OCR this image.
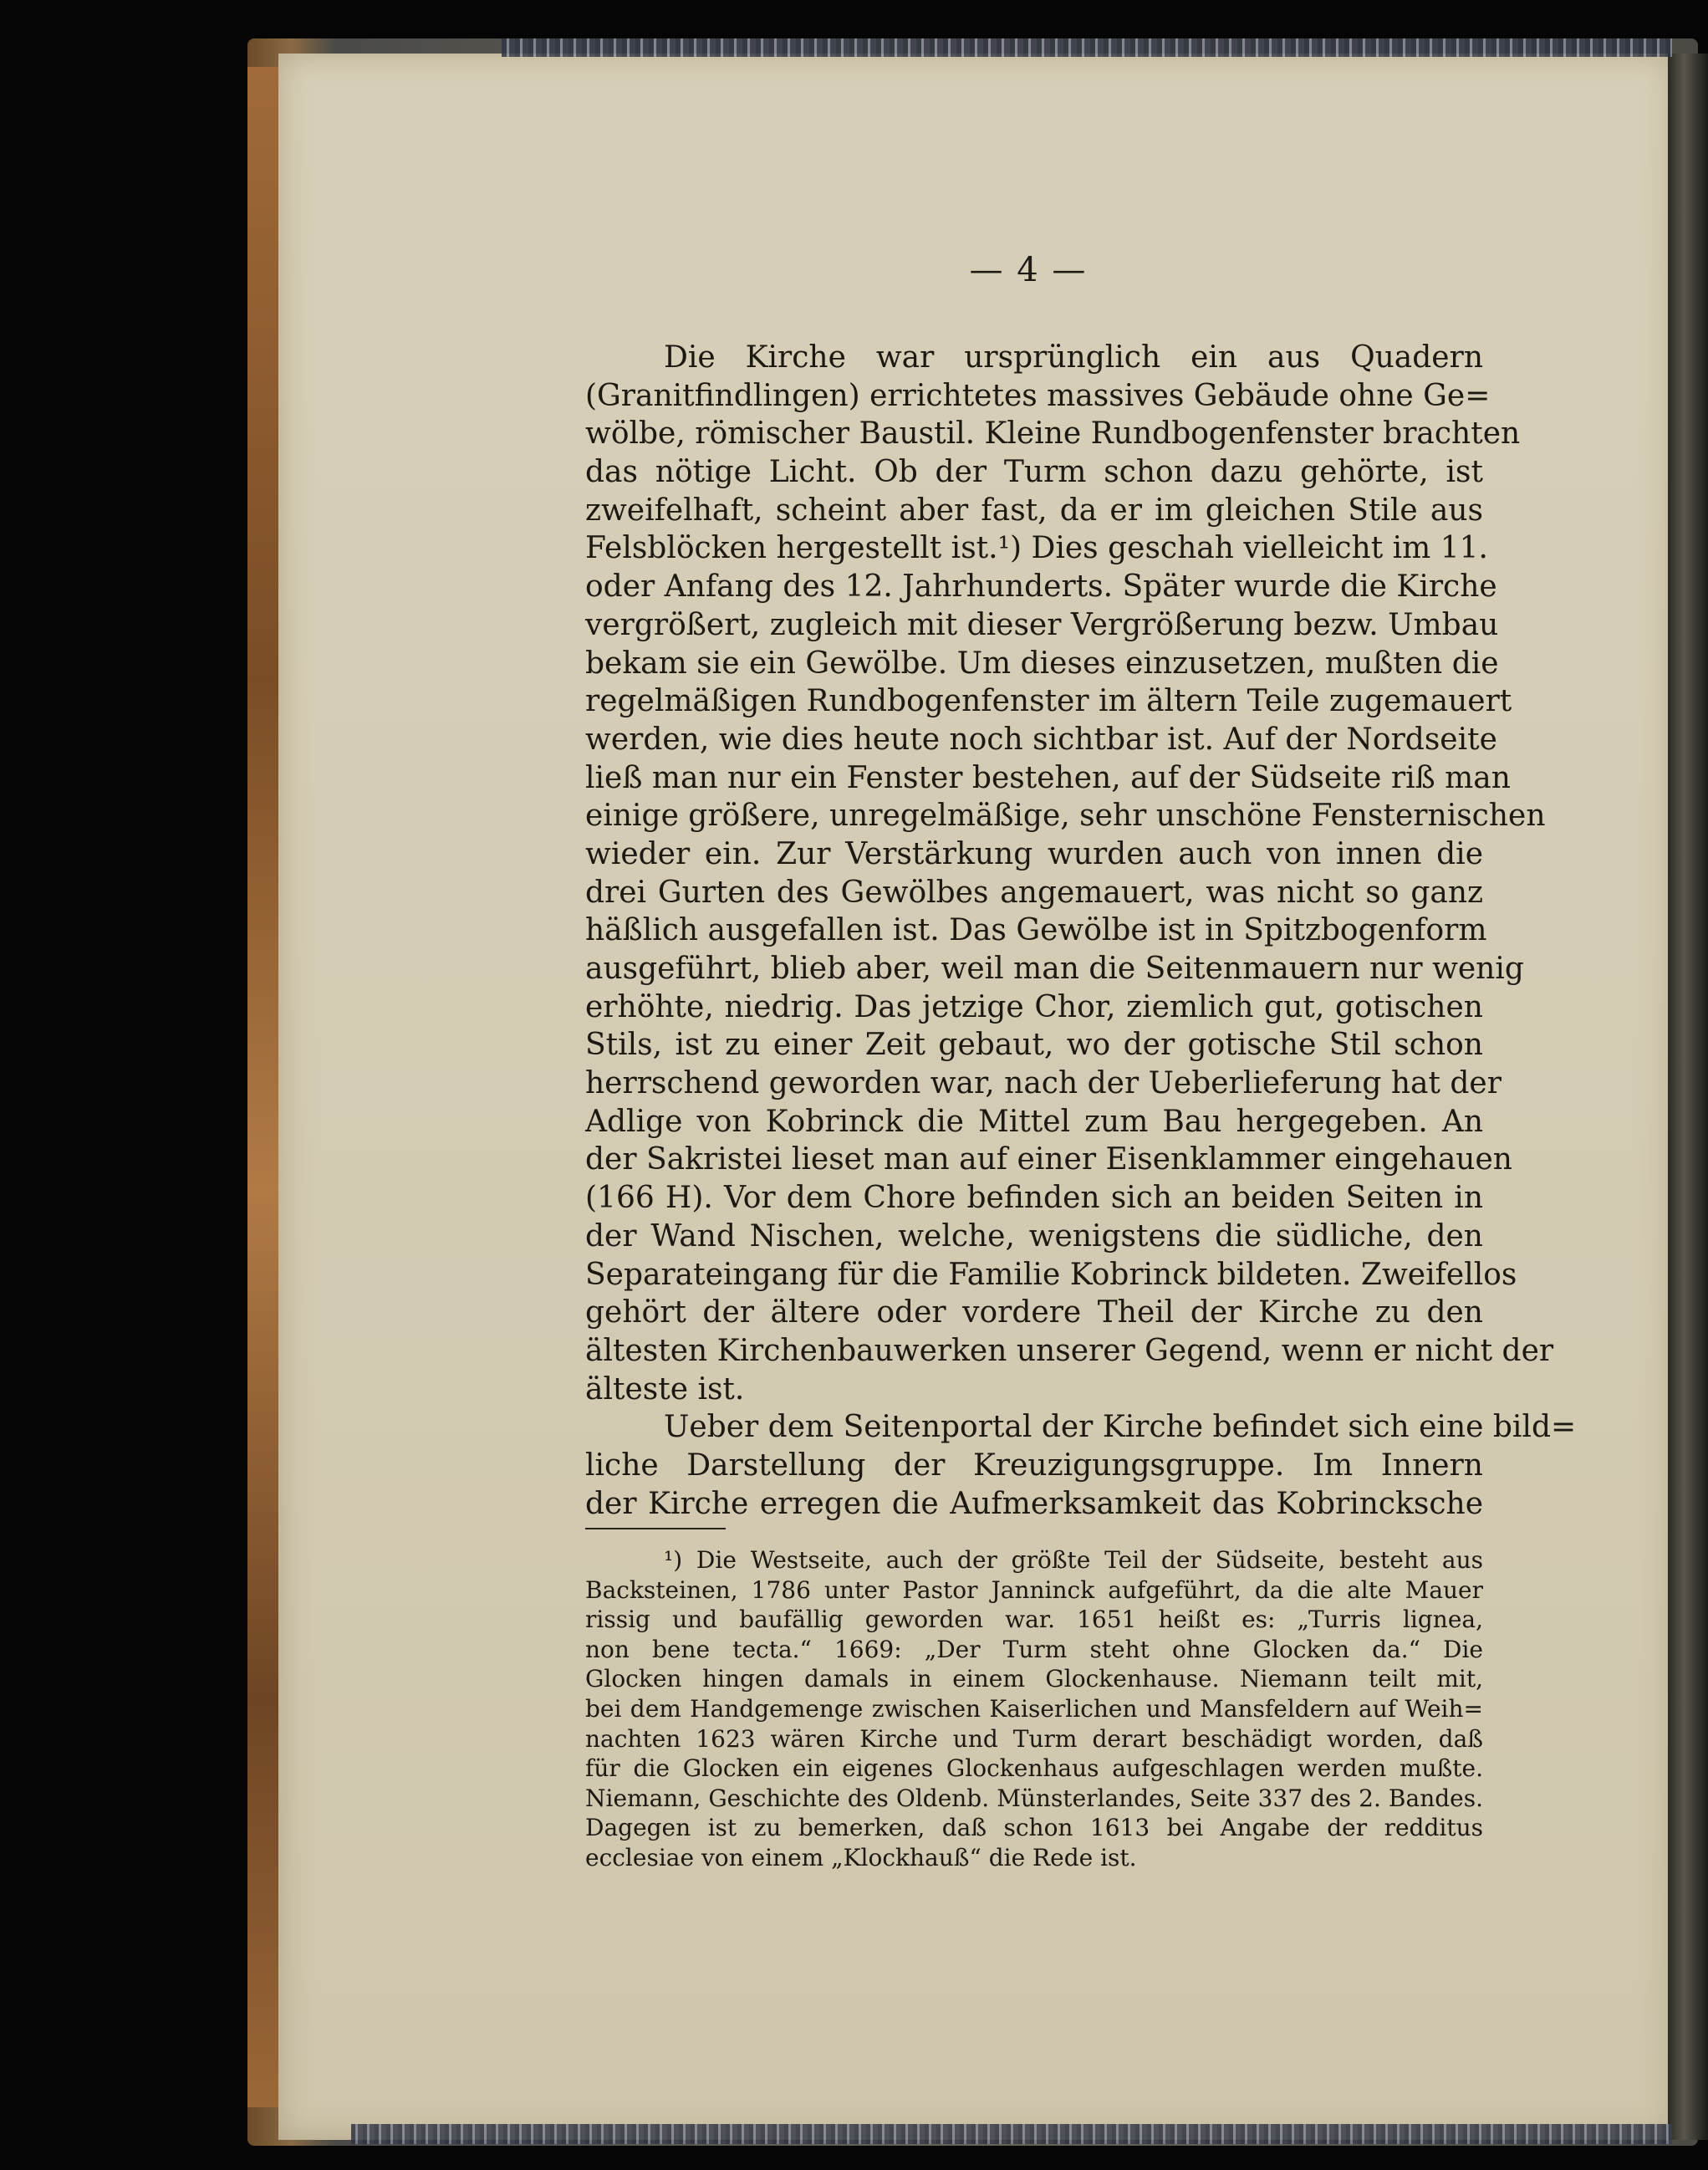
— 4 —
Die Kirche war ursprünglich ein aus Quadern
(Granitfindlingen) errichtetes massives Gebäude ohne Ge=
wölbe, römischer Baustil. Kleine Rundbogenfenster brachten
das nötige Licht. Ob der Turm schon dazu gehörte, ist
zweifelhaft, scheint aber fast, da er im gleichen Stile aus
Felsblöcken hergestellt ist.¹) Dies geschah vielleicht im 11.
oder Anfang des 12. Jahrhunderts. Später wurde die Kirche
vergrößert, zugleich mit dieser Vergrößerung bezw. Umbau
bekam sie ein Gewölbe. Um dieses einzusetzen, mußten die
regelmäßigen Rundbogenfenster im ältern Teile zugemauert
werden, wie dies heute noch sichtbar ist. Auf der Nordseite
ließ man nur ein Fenster bestehen, auf der Südseite riß man
einige größere, unregelmäßige, sehr unschöne Fensternischen
wieder ein. Zur Verstärkung wurden auch von innen die
drei Gurten des Gewölbes angemauert, was nicht so ganz
häßlich ausgefallen ist. Das Gewölbe ist in Spitzbogenform
ausgeführt, blieb aber, weil man die Seitenmauern nur wenig
erhöhte, niedrig. Das jetzige Chor, ziemlich gut, gotischen
Stils, ist zu einer Zeit gebaut, wo der gotische Stil schon
herrschend geworden war, nach der Ueberlieferung hat der
Adlige von Kobrinck die Mittel zum Bau hergegeben. An
der Sakristei lieset man auf einer Eisenklammer eingehauen
(166 H). Vor dem Chore befinden sich an beiden Seiten in
der Wand Nischen, welche, wenigstens die südliche, den
Separateingang für die Familie Kobrinck bildeten. Zweifellos
gehört der ältere oder vordere Theil der Kirche zu den
ältesten Kirchenbauwerken unserer Gegend, wenn er nicht der
älteste ist.
Ueber dem Seitenportal der Kirche befindet sich eine bild=
liche Darstellung der Kreuzigungsgruppe. Im Innern
der Kirche erregen die Aufmerksamkeit das Kobrincksche
¹) Die Westseite, auch der größte Teil der Südseite, besteht aus
Backsteinen, 1786 unter Pastor Janninck aufgeführt, da die alte Mauer
rissig und baufällig geworden war. 1651 heißt es: „Turris lignea,
non bene tecta.“ 1669: „Der Turm steht ohne Glocken da.“ Die
Glocken hingen damals in einem Glockenhause. Niemann teilt mit,
bei dem Handgemenge zwischen Kaiserlichen und Mansfeldern auf Weih=
nachten 1623 wären Kirche und Turm derart beschädigt worden, daß
für die Glocken ein eigenes Glockenhaus aufgeschlagen werden mußte.
Niemann, Geschichte des Oldenb. Münsterlandes, Seite 337 des 2. Bandes.
Dagegen ist zu bemerken, daß schon 1613 bei Angabe der redditus
ecclesiae von einem „Klockhauß“ die Rede ist.
